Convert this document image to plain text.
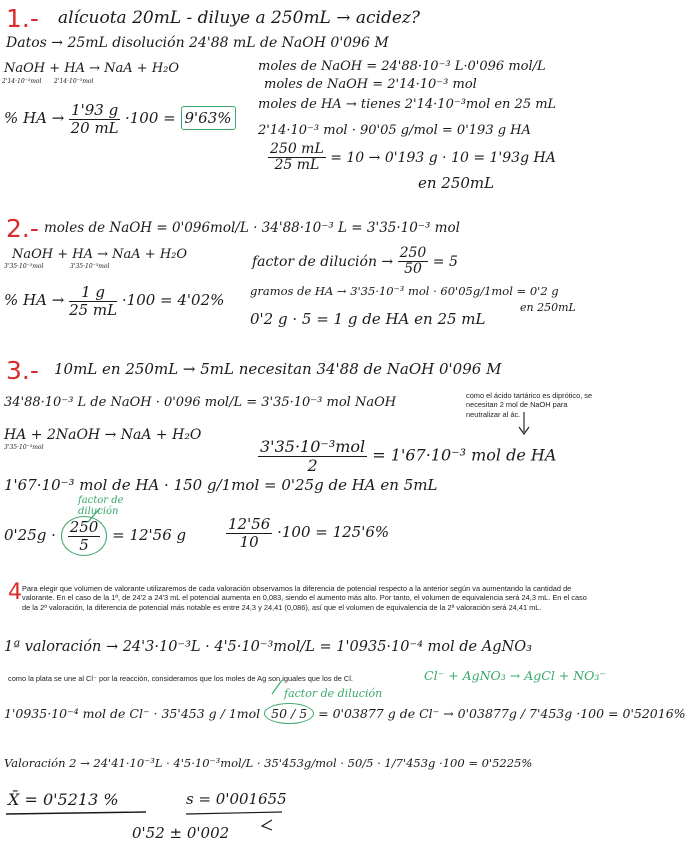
1.- alícuota 20mL - diluye a 250mL → acidez?
Datos → 25mL disolución 24'88 mL de NaOH 0'096 M
NaOH + HA → NaA + H₂O
2'14·10⁻³mol 2'14·10⁻³mol
moles de NaOH = 24'88·10⁻³ L·0'096 mol/L
moles de NaOH = 2'14·10⁻³ mol
moles de HA → tienes 2'14·10⁻³mol en 25 mL
% HA → $\frac{1'93 g}{20 mL} \cdot 100 = 9'63\%$
2'14·10⁻³ mol · 90'05 g/mol = 0'193 g HA
$\frac{250 mL}{25 mL} = 10 \to 0'193$ g · 10 = 1'93g HA
en 250mL
2.- moles de NaOH = 0'096mol/L · 34'88·10⁻³ L = 3'35·10⁻³ mol
NaOH + HA → NaA + H₂O
3'35·10⁻³mol	3'35·10⁻³mol	factor de dilución → $\frac{250}{50} = 5$
% HA → $\frac{1 g}{25 mL} \cdot 100 = 4'02\%$ gramos de HA → 3'35·10⁻³ mol · 60'05g/1mol = 0'2 g
en 250mL
0'2 g · 5 = 1 g de HA en 25 mL
3.- 10mL en 250mL → 5mL necesitan 34'88 de NaOH 0'096 M
34'88·10⁻³ L de NaOH · 0'096 mol/L = 3'35·10⁻³ mol NaOH	como el ácido tartárico es diprótico, se necesitan 2 mol de NaOH para neutralizar al ác.
HA + 2NaOH → NaA + H₂O
3'35·10⁻³mol	$\frac{\text{3'35·10⁻³mol}}{2} = 1'67\cdot 10^{-3}$ mol de HA
1'67·10⁻³ mol de HA · 150 g/1mol = 0'25g de HA en 5mL
factor de dilución
$0'25g \cdot \frac{250}{5} = 12'56$ g	$\frac{12'56}{10} \cdot 100 = 125'6\%$
4 Para elegir que volumen de valorante utilizaremos de cada valoración observamos la diferencia de potencial respecto a la anterior según va aumentando la cantidad de valorante. En el caso de la 1ª, de 24'2 a 24'3 mL el potencial aumenta en 0,083, siendo el aumento más alto. Por tanto, el volumen de equivalencia será 24,3 mL. En el caso de la 2ª valoración, la diferencia de potencial más notable es entre 24,3 y 24,41 (0,086), así que el volumen de equivalencia de la 2ª valoración será 24,41 mL.
1ª valoración → 24'3·10⁻³L · 4'5·10⁻³mol/L = 1'0935·10⁻⁴ mol de AgNO₃
como la plata se une al Cl⁻ por la reacción, consideramos que los moles de Ag son iguales que los de Cl.	Cl⁻ + AgNO₃ → AgCl + NO₃⁻
factor de dilución
1'0935·10⁻⁴ mol de Cl⁻ · 35'453 g / 1mol 50 / 5 = 0'03877 g de Cl⁻ → 0'03877g / 7'453g ·100 = 0'52016%
Valoración 2 → 24'41·10⁻³L · 4'5·10⁻³mol/L · 35'453g/mol · 50/5 · 1/7'453g ·100 = 0'5225%
X̄ = 0'5213 %	s = 0'001655
0'52 ± 0'002
